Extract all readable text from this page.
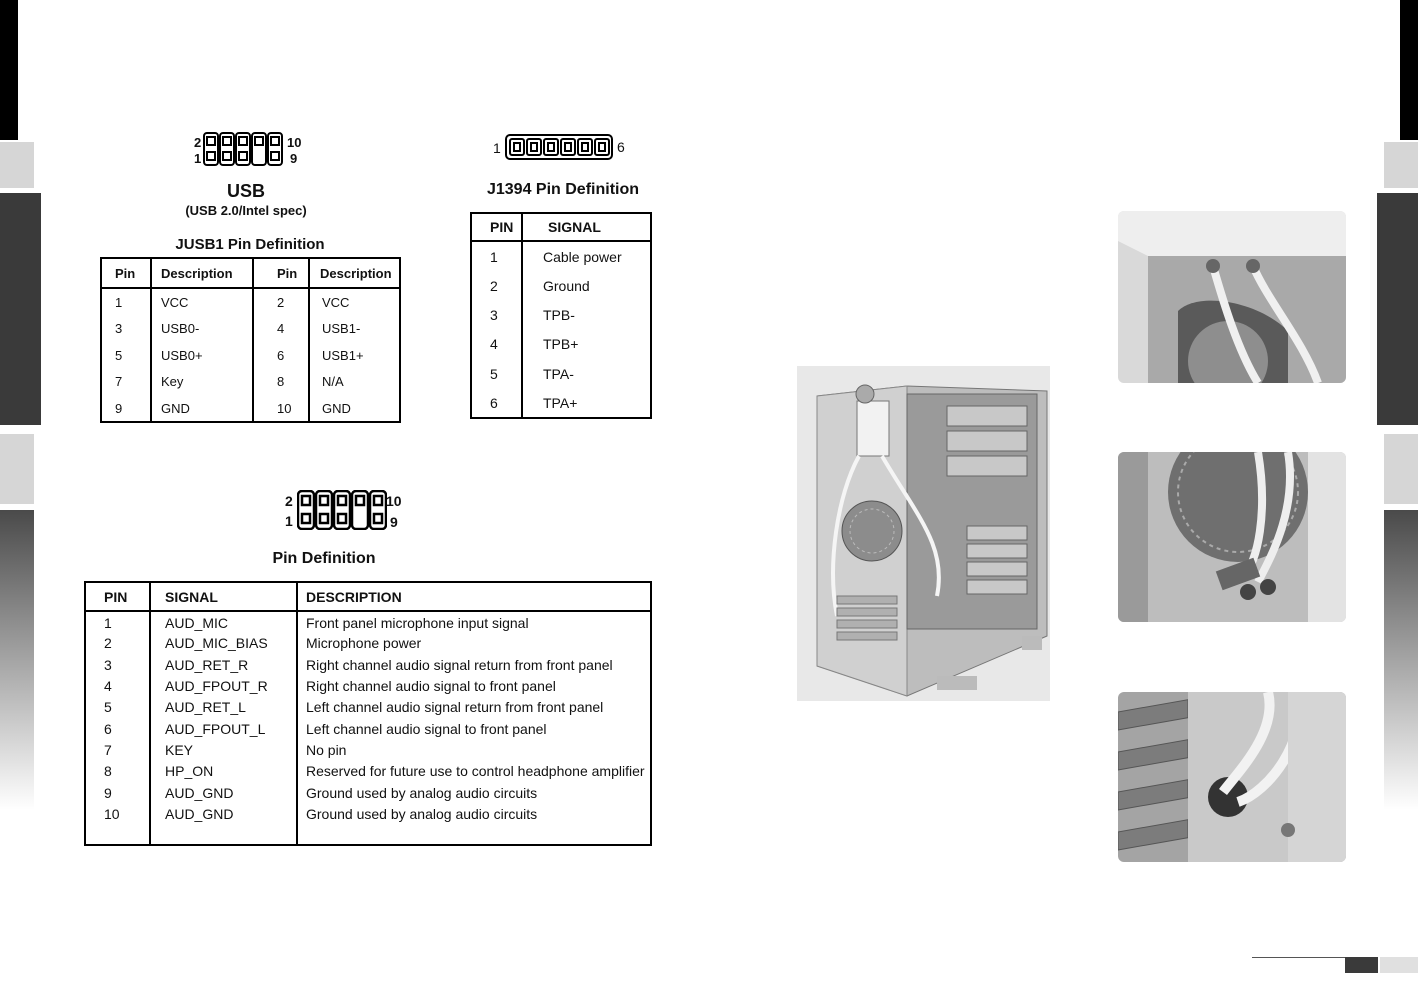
2
1
10
9
USB
(USB 2.0/Intel spec)
JUSB1 Pin Definition
Pin	Description	Pin	Description
1	VCC	2	VCC
3	USB0-	4	USB1-
5	USB0+	6	USB1+
7	Key	8	N/A
9	GND	10	GND
1	6
J1394 Pin Definition
PIN	SIGNAL
1	Cable power
2	Ground
3	TPB-
4	TPB+
5	TPA-
6	TPA+
2
1
10
9
Pin Definition
PIN	SIGNAL	DESCRIPTION
1	AUD_MIC	Front panel microphone input signal
2	AUD_MIC_BIAS	Microphone power
3	AUD_RET_R	Right channel audio signal return from front panel
4	AUD_FPOUT_R	Right channel audio signal to front panel
5	AUD_RET_L	Left channel audio signal return from front panel
6	AUD_FPOUT_L	Left channel audio signal to front panel
7	KEY	No pin
8	HP_ON	Reserved for future use to control headphone amplifier
9	AUD_GND	Ground used by analog audio circuits
10	AUD_GND	Ground used by analog audio circuits
